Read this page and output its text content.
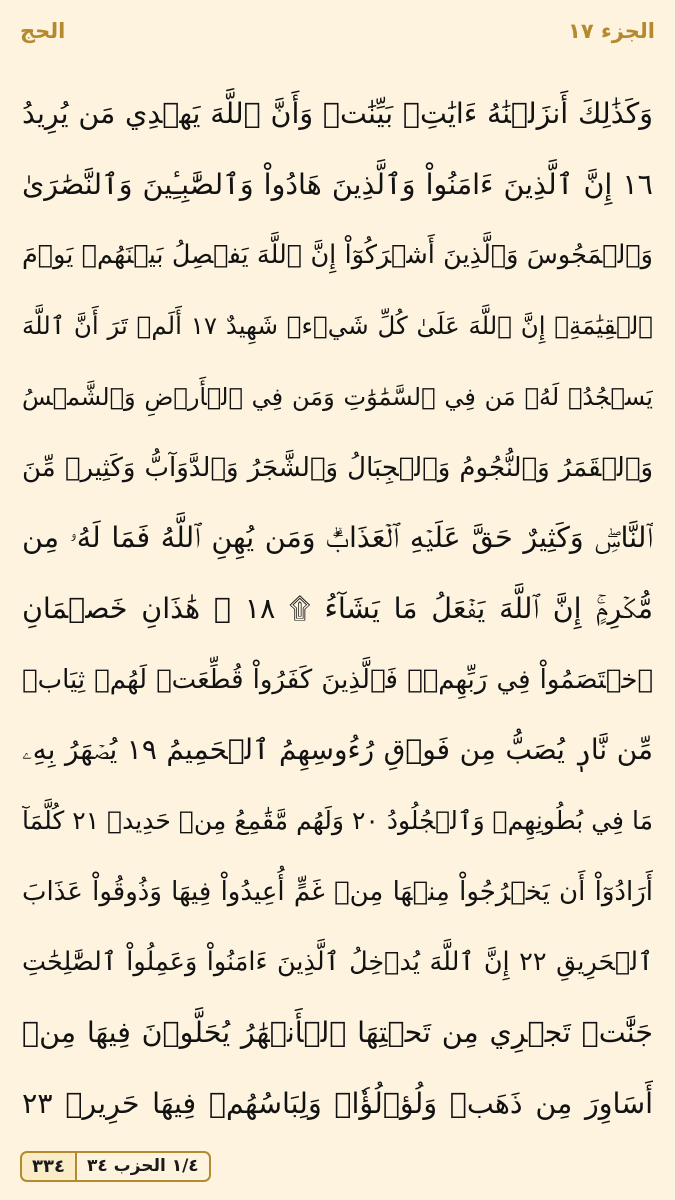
الحج	الجزء ١٧
وَكَذَٰلِكَ أَنزَلۡنَٰهُ ءَايَٰتِۭ بَيِّنَٰتٖ وَأَنَّ ٱللَّهَ يَهۡدِي مَن يُرِيدُ
١٦ إِنَّ ٱلَّذِينَ ءَامَنُواْ وَٱلَّذِينَ هَادُواْ وَٱلصَّٰبِـِٔينَ وَٱلنَّصَٰرَىٰ
وَٱلۡمَجُوسَ وَٱلَّذِينَ أَشۡرَكُوٓاْ إِنَّ ٱللَّهَ يَفۡصِلُ بَيۡنَهُمۡ يَوۡمَ
ٱلۡقِيَٰمَةِۚ إِنَّ ٱللَّهَ عَلَىٰ كُلِّ شَيۡءٖ شَهِيدٌ ١٧ أَلَمۡ تَرَ أَنَّ ٱللَّهَ
يَسۡجُدُۤ لَهُۥ مَن فِي ٱلسَّمَٰوَٰتِ وَمَن فِي ٱلۡأَرۡضِ وَٱلشَّمۡسُ
وَٱلۡقَمَرُ وَٱلنُّجُومُ وَٱلۡجِبَالُ وَٱلشَّجَرُ وَٱلدَّوَآبُّ وَكَثِيرٞ مِّنَ
ٱلنَّاسِۖ وَكَثِيرٌ حَقَّ عَلَيۡهِ ٱلۡعَذَابُۗ وَمَن يُهِنِ ٱللَّهُ فَمَا لَهُۥ مِن
مُّكۡرِمٍۚ إِنَّ ٱللَّهَ يَفۡعَلُ مَا يَشَآءُ ۩ ١٨ ۞ هَٰذَانِ خَصۡمَانِ
ٱخۡتَصَمُواْ فِي رَبِّهِمۡۖ فَٱلَّذِينَ كَفَرُواْ قُطِّعَتۡ لَهُمۡ ثِيَابٞ
مِّن نَّارٖ يُصَبُّ مِن فَوۡقِ رُءُوسِهِمُ ٱلۡحَمِيمُ ١٩ يُصۡهَرُ بِهِۦ
مَا فِي بُطُونِهِمۡ وَٱلۡجُلُودُ ٢٠ وَلَهُم مَّقَٰمِعُ مِنۡ حَدِيدٖ ٢١ كُلَّمَآ
أَرَادُوٓاْ أَن يَخۡرُجُواْ مِنۡهَا مِنۡ غَمٍّ أُعِيدُواْ فِيهَا وَذُوقُواْ عَذَابَ
ٱلۡحَرِيقِ ٢٢ إِنَّ ٱللَّهَ يُدۡخِلُ ٱلَّذِينَ ءَامَنُواْ وَعَمِلُواْ ٱلصَّٰلِحَٰتِ
جَنَّٰتٖ تَجۡرِي مِن تَحۡتِهَا ٱلۡأَنۡهَٰرُ يُحَلَّوۡنَ فِيهَا مِنۡ
أَسَاوِرَ مِن ذَهَبٖ وَلُؤۡلُؤٗاۖ وَلِبَاسُهُمۡ فِيهَا حَرِيرٞ ٢٣
٣٣٤	١/٤ الحزب ٣٤
